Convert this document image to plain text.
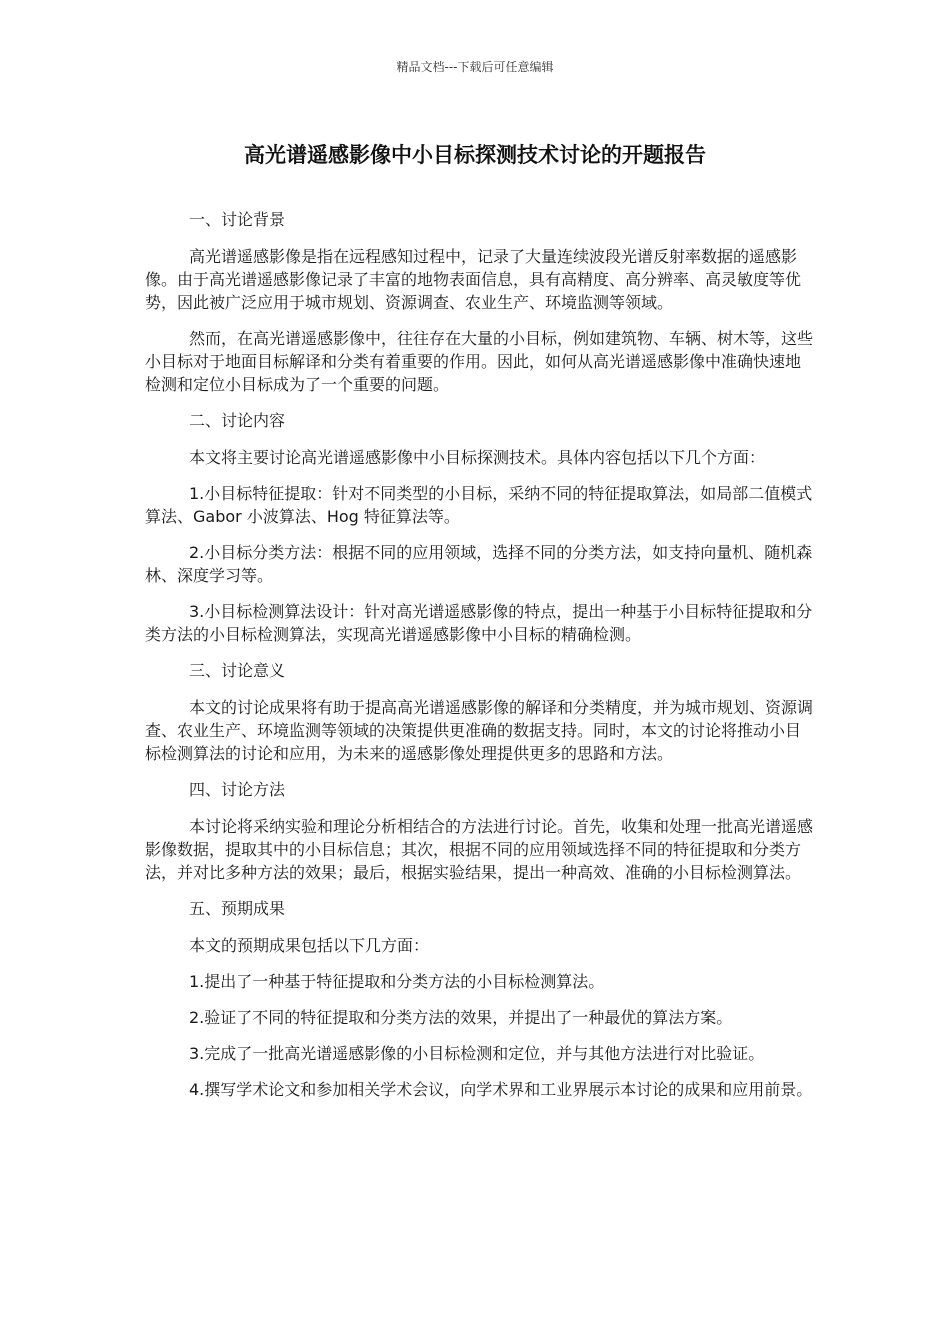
精品文档---下载后可任意编辑
高光谱遥感影像中小目标探测技术讨论的开题报告

一、讨论背景

高光谱遥感影像是指在远程感知过程中，记录了大量连续波段光谱反射率数据的遥感影像。由于高光谱遥感影像记录了丰富的地物表面信息，具有高精度、高分辨率、高灵敏度等优势，因此被广泛应用于城市规划、资源调查、农业生产、环境监测等领域。

然而，在高光谱遥感影像中，往往存在大量的小目标，例如建筑物、车辆、树木等，这些小目标对于地面目标解译和分类有着重要的作用。因此，如何从高光谱遥感影像中准确快速地检测和定位小目标成为了一个重要的问题。

二、讨论内容

本文将主要讨论高光谱遥感影像中小目标探测技术。具体内容包括以下几个方面：

1.小目标特征提取：针对不同类型的小目标，采纳不同的特征提取算法，如局部二值模式算法、Gabor 小波算法、Hog 特征算法等。

2.小目标分类方法：根据不同的应用领域，选择不同的分类方法，如支持向量机、随机森林、深度学习等。

3.小目标检测算法设计：针对高光谱遥感影像的特点，提出一种基于小目标特征提取和分类方法的小目标检测算法，实现高光谱遥感影像中小目标的精确检测。

三、讨论意义

本文的讨论成果将有助于提高高光谱遥感影像的解译和分类精度，并为城市规划、资源调查、农业生产、环境监测等领域的决策提供更准确的数据支持。同时，本文的讨论将推动小目标检测算法的讨论和应用，为未来的遥感影像处理提供更多的思路和方法。

四、讨论方法

本讨论将采纳实验和理论分析相结合的方法进行讨论。首先，收集和处理一批高光谱遥感影像数据，提取其中的小目标信息；其次，根据不同的应用领域选择不同的特征提取和分类方法，并对比多种方法的效果；最后，根据实验结果，提出一种高效、准确的小目标检测算法。

五、预期成果

本文的预期成果包括以下几方面：

1.提出了一种基于特征提取和分类方法的小目标检测算法。

2.验证了不同的特征提取和分类方法的效果，并提出了一种最优的算法方案。

3.完成了一批高光谱遥感影像的小目标检测和定位，并与其他方法进行对比验证。

4.撰写学术论文和参加相关学术会议，向学术界和工业界展示本讨论的成果和应用前景。
